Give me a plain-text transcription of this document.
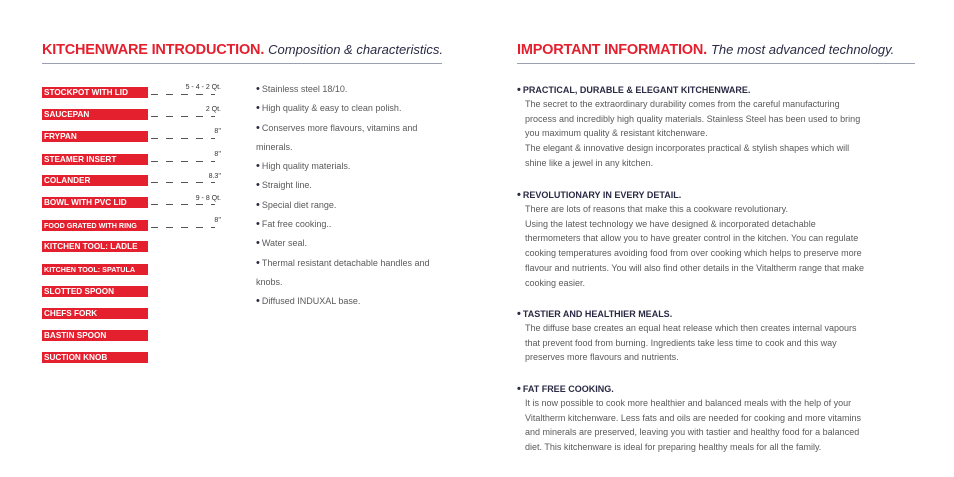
KITCHENWARE INTRODUCTION. Composition & characteristics.	IMPORTANT INFORMATION. The most advanced technology.
STOCKPOT WITH LID
SAUCEPAN
FRYPAN
STEAMER INSERT
COLANDER
BOWL WITH PVC LID
FOOD GRATED WITH RING
KITCHEN TOOL: LADLE
KITCHEN TOOL: SPATULA
SLOTTED SPOON
CHEFS FORK
BASTIN SPOON
SUCTION KNOB
5 - 4 - 2 Qt.
2 Qt.
8''
8''
8.3''
9 - 8 Qt.
8''
• Stainless steel 18/10.
• High quality & easy to clean polish.
• Conserves more flavours, vitamins and minerals.
• High quality materials.
• Straight line.
• Special diet range.
• Fat free cooking..
• Water seal.
• Thermal resistant detachable handles and knobs.
• Diffused INDUXAL base.
• PRACTICAL, DURABLE & ELEGANT KITCHENWARE.
The secret to the extraordinary durability comes from the careful manufacturing
process and incredibly high quality materials. Stainless Steel has been used to bring
you maximum quality & resistant kitchenware.
The elegant & innovative design incorporates practical & stylish shapes which will
shine like a jewel in any kitchen.
• REVOLUTIONARY IN EVERY DETAIL.
There are lots of reasons that make this a cookware revolutionary.
Using the latest technology we have designed & incorporated detachable
thermometers that allow you to have greater control in the kitchen. You can regulate
cooking temperatures avoiding food from over cooking which helps to preserve more
flavour and nutrients. You will also find other details in the Vitaltherm range that make
cooking easier.
• TASTIER AND HEALTHIER MEALS.
The diffuse base creates an equal heat release which then creates internal vapours
that prevent food from burning. Ingredients take less time to cook and this way
preserves more flavours and nutrients.
• FAT FREE COOKING.
It is now possible to cook more healthier and balanced meals with the help of your
Vitaltherm kitchenware. Less fats and oils are needed for cooking and more vitamins
and minerals are preserved, leaving you with tastier and healthy food for a balanced
diet. This kitchenware is ideal for preparing healthy meals for all the family.
